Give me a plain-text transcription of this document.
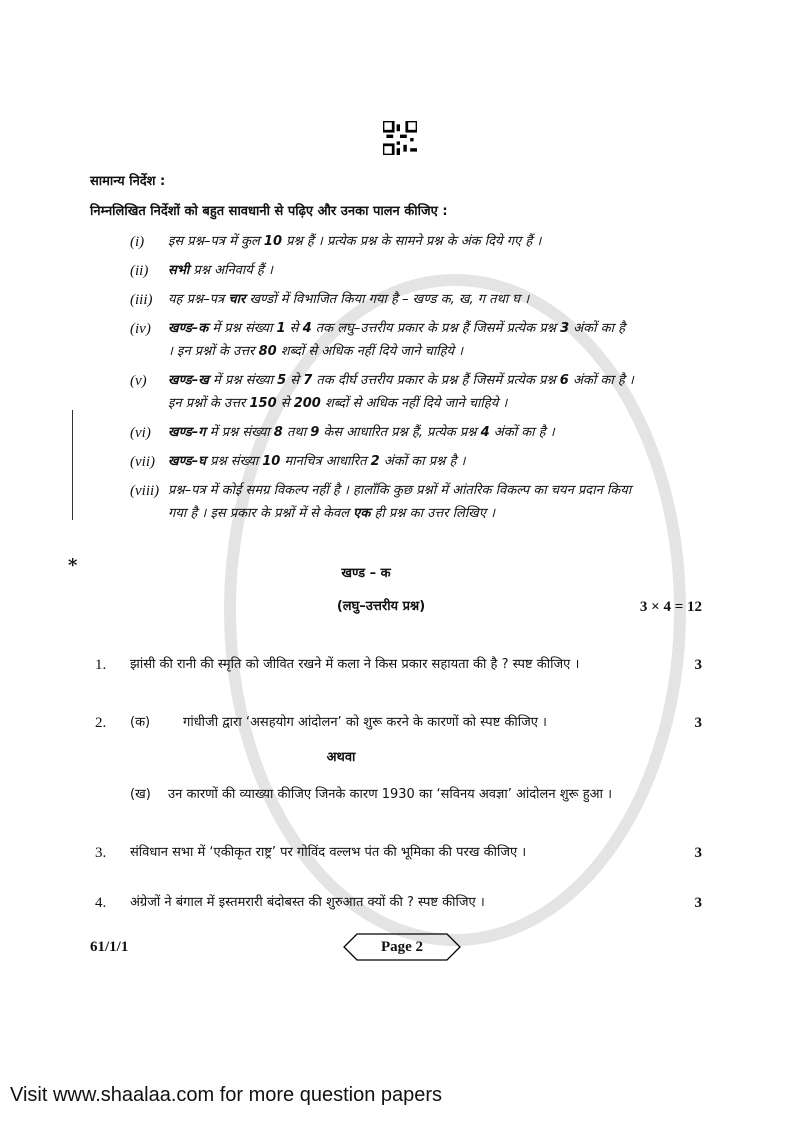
*
सामान्य निर्देश :
निम्नलिखित निर्देशों को बहुत सावधानी से पढ़िए और उनका पालन कीजिए :
(i)	इस प्रश्न–पत्र में कुल 10 प्रश्न हैं । प्रत्येक प्रश्न के सामने प्रश्न के अंक दिये गए हैं ।
(ii)	सभी प्रश्न अनिवार्य हैं ।
(iii)	यह प्रश्न–पत्र चार खण्डों में विभाजित किया गया है – खण्ड क, ख, ग तथा घ ।
(iv)	खण्ड–क में प्रश्न संख्या 1 से 4 तक लघु–उत्तरीय प्रकार के प्रश्न हैं जिसमें प्रत्येक प्रश्न 3 अंकों का है
। इन प्रश्नों के उत्तर 80 शब्दों से अधिक नहीं दिये जाने चाहिये ।
(v)	खण्ड–ख में प्रश्न संख्या 5 से 7 तक दीर्घ उत्तरीय प्रकार के प्रश्न हैं जिसमें प्रत्येक प्रश्न 6 अंकों का है ।
इन प्रश्नों के उत्तर 150 से 200 शब्दों से अधिक नहीं दिये जाने चाहिये ।
(vi)	खण्ड–ग में प्रश्न संख्या 8 तथा 9 केस आधारित प्रश्न हैं, प्रत्येक प्रश्न 4 अंकों का है ।
(vii)	खण्ड–घ प्रश्न संख्या 10 मानचित्र आधारित 2 अंकों का प्रश्न है ।
(viii) प्रश्न–पत्र में कोई समग्र विकल्प नहीं है । हालाँकि कुछ प्रश्नों में आंतरिक विकल्प का चयन प्रदान किया
गया है । इस प्रकार के प्रश्नों में से केवल एक ही प्रश्न का उत्तर लिखिए ।
खण्ड – क
(लघु–उत्तरीय प्रश्न)	3 × 4 = 12
1.	झांसी की रानी की स्मृति को जीवित रखने में कला ने किस प्रकार सहायता की है ? स्पष्ट कीजिए ।	3
2.	(क)	गांधीजी द्वारा ‘असहयोग आंदोलन’ को शुरू करने के कारणों को स्पष्ट कीजिए ।	3
अथवा
(ख)	उन कारणों की व्याख्या कीजिए जिनके कारण 1930 का ‘सविनय अवज्ञा’ आंदोलन शुरू हुआ ।
3.	संविधान सभा में ‘एकीकृत राष्ट्र’ पर गोविंद वल्लभ पंत की भूमिका की परख कीजिए ।	3
4.	अंग्रेजों ने बंगाल में इस्तमरारी बंदोबस्त की शुरुआत क्यों की ? स्पष्ट कीजिए ।	3
61/1/1	Page 2
Visit www.shaalaa.com for more question papers
